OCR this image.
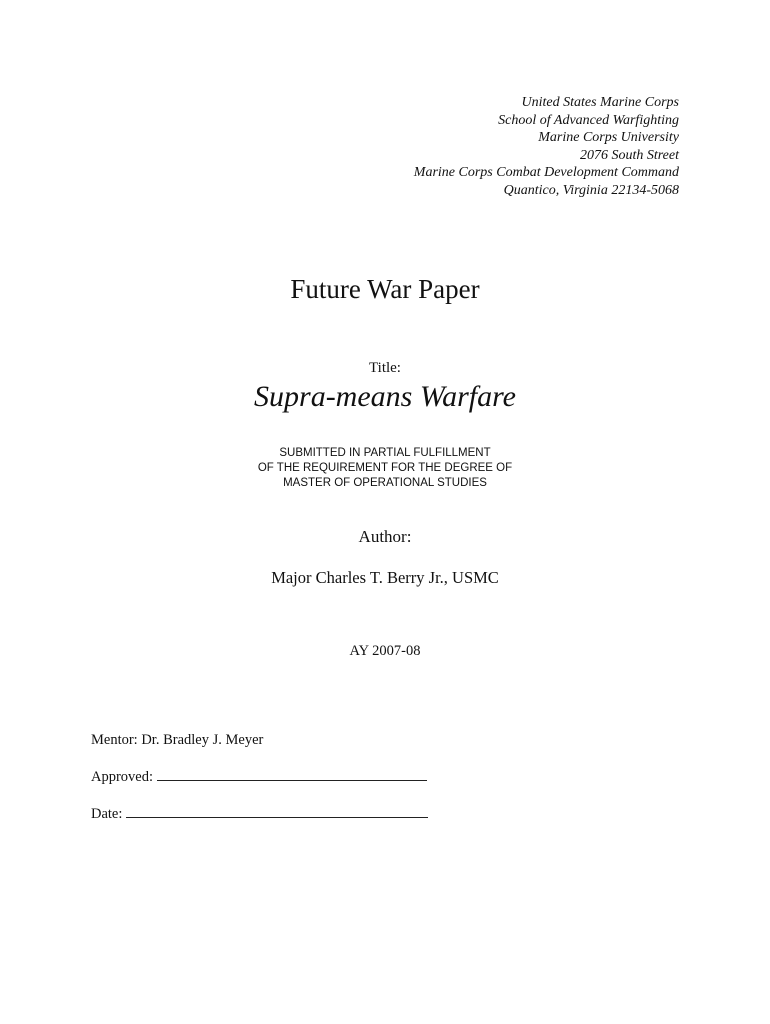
United States Marine Corps
School of Advanced Warfighting
Marine Corps University
2076 South Street
Marine Corps Combat Development Command
Quantico, Virginia 22134-5068
Future War Paper
Title:
Supra-means Warfare
SUBMITTED IN PARTIAL FULFILLMENT
OF THE REQUIREMENT FOR THE DEGREE OF
MASTER OF OPERATIONAL STUDIES
Author:
Major Charles T. Berry Jr., USMC
AY 2007-08
Mentor: Dr. Bradley J. Meyer
Approved:
Date:
